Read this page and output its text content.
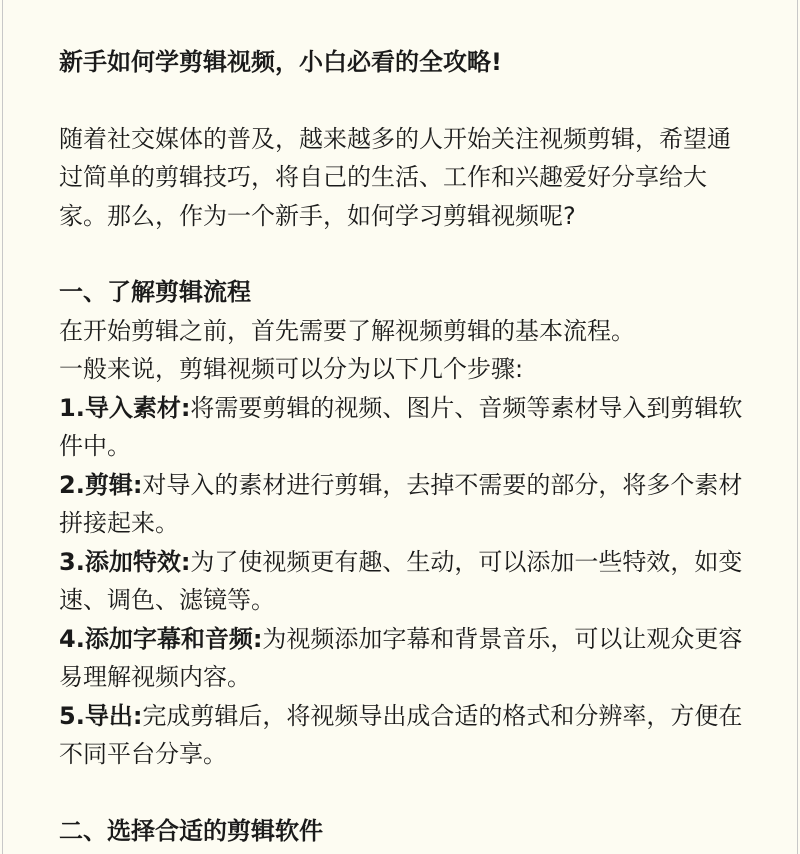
新手如何学剪辑视频，小白必看的全攻略!

随着社交媒体的普及，越来越多的人开始关注视频剪辑，希望通过简单的剪辑技巧，将自己的生活、工作和兴趣爱好分享给大家。那么，作为一个新手，如何学习剪辑视频呢?

一、了解剪辑流程

在开始剪辑之前，首先需要了解视频剪辑的基本流程。

一般来说，剪辑视频可以分为以下几个步骤:

1.导入素材:将需要剪辑的视频、图片、音频等素材导入到剪辑软件中。

2.剪辑:对导入的素材进行剪辑，去掉不需要的部分，将多个素材拼接起来。

3.添加特效:为了使视频更有趣、生动，可以添加一些特效，如变速、调色、滤镜等。

4.添加字幕和音频:为视频添加字幕和背景音乐，可以让观众更容易理解视频内容。

5.导出:完成剪辑后，将视频导出成合适的格式和分辨率，方便在不同平台分享。

二、选择合适的剪辑软件
